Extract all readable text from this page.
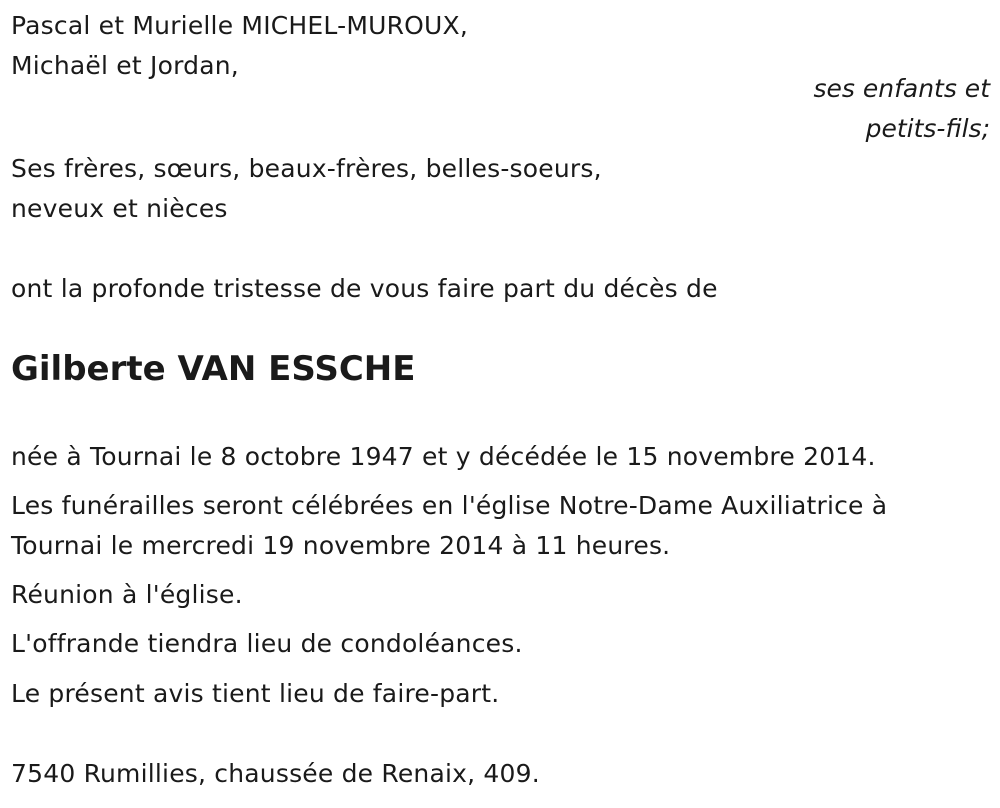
Pascal et Murielle MICHEL-MUROUX,
Michaël et Jordan,
ses enfants et
petits-fils;
Ses frères, sœurs, beaux-frères, belles-soeurs,
neveux et nièces
ont la profonde tristesse de vous faire part du décès de
Gilberte VAN ESSCHE
née à Tournai le 8 octobre 1947 et y décédée le 15 novembre 2014.
Les funérailles seront célébrées en l'église Notre-Dame Auxiliatrice à
Tournai le mercredi 19 novembre 2014 à 11 heures.
Réunion à l'église.
L'offrande tiendra lieu de condoléances.
Le présent avis tient lieu de faire-part.
7540 Rumillies, chaussée de Renaix, 409.
